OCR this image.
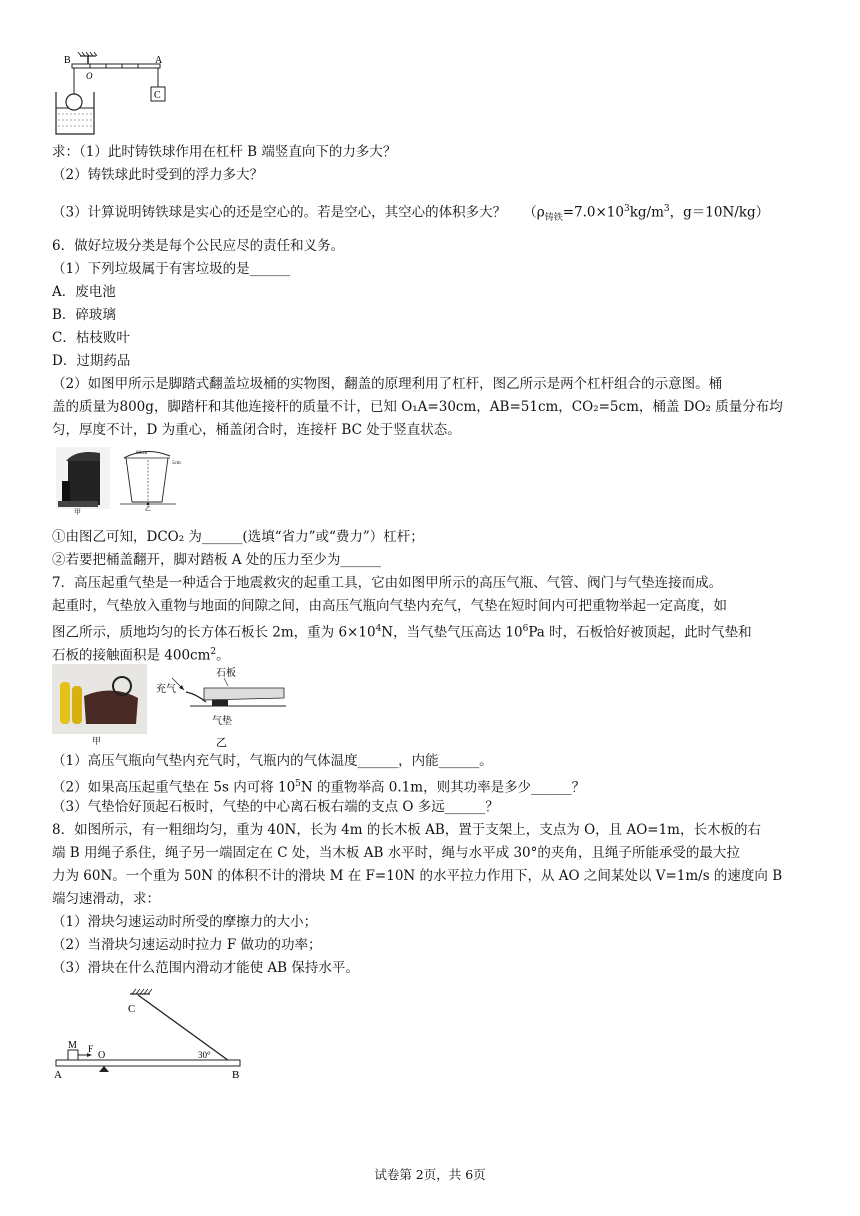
B
O
A
C
求：（1）此时铸铁球作用在杠杆 B 端竖直向下的力多大？
（2）铸铁球此时受到的浮力多大？
（3）计算说明铸铁球是实心的还是空心的。若是空心，其空心的体积多大？ （$\rho_{铸铁}=7.0\times 10^3kg/m^3$，g＝10N/kg）
6．做好垃圾分类是每个公民应尽的责任和义务。
（1）下列垃圾属于有害垃圾的是______
A．废电池
B．碎玻璃
C．枯枝败叶
D．过期药品
（2）如图甲所示是脚踏式翻盖垃圾桶的实物图，翻盖的原理利用了杠杆，图乙所示是两个杠杆组合的示意图。桶
盖的质量为800g，脚踏杆和其他连接杆的质量不计，已知 O₁A=30cm，AB=51cm，CO₂=5cm，桶盖 DO₂ 质量分布均
匀，厚度不计，D 为重心，桶盖闭合时，连接杆 BC 处于竖直状态。
甲
60cm
5cm
乙
①由图乙可知，DCO₂ 为______(选填“省力”或“费力”）杠杆；
②若要把桶盖翻开，脚对踏板 A 处的压力至少为______
7．高压起重气垫是一种适合于地震救灾的起重工具，它由如图甲所示的高压气瓶、气管、阀门与气垫连接而成。
起重时，气垫放入重物与地面的间隙之间，由高压气瓶向气垫内充气，气垫在短时间内可把重物举起一定高度，如
图乙所示，质地均匀的长方体石板长 2m，重为 $6\times 10^4N$，当气垫气压高达 $10^6Pa$ 时，石板恰好被顶起，此时气垫和
石板的接触面积是 $400cm^2$。
甲
充气
石板
气垫
乙
（1）高压气瓶向气垫内充气时，气瓶内的气体温度______，内能______。
（2）如果高压起重气垫在 5s 内可将 $10^5N$ 的重物举高 0.1m，则其功率是多少______？
（3）气垫恰好顶起石板时，气垫的中心离石板右端的支点 O 多远______？
8．如图所示，有一粗细均匀，重为 40N，长为 4m 的长木板 AB，置于支架上，支点为 O，且 AO=1m，长木板的右
端 B 用绳子系住，绳子另一端固定在 C 处，当木板 AB 水平时，绳与水平成 30°的夹角，且绳子所能承受的最大拉
力为 60N。一个重为 50N 的体积不计的滑块 M 在 F=10N 的水平拉力作用下，从 AO 之间某处以 V=1m/s 的速度向 B
端匀速滑动，求：
（1）滑块匀速运动时所受的摩擦力的大小；
（2）当滑块匀速运动时拉力 F 做功的功率；
（3）滑块在什么范围内滑动才能使 AB 保持水平。
C
M F
O	30°
A	B
试卷第 2页，共 6页
